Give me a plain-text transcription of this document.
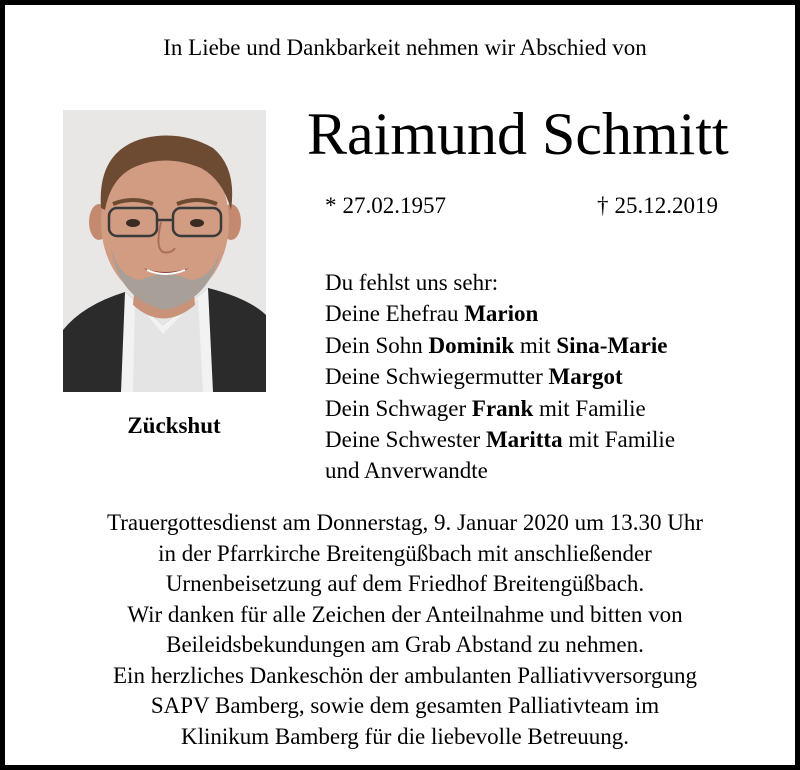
In Liebe und Dankbarkeit nehmen wir Abschied von
Zückshut
Raimund Schmitt
* 27.02.1957	† 25.12.2019
Du fehlst uns sehr:
Deine Ehefrau Marion
Dein Sohn Dominik mit Sina-Marie
Deine Schwiegermutter Margot
Dein Schwager Frank mit Familie
Deine Schwester Maritta mit Familie
und Anverwandte
Trauergottesdienst am Donnerstag, 9. Januar 2020 um 13.30 Uhr
in der Pfarrkirche Breitengüßbach mit anschließender
Urnenbeisetzung auf dem Friedhof Breitengüßbach.
Wir danken für alle Zeichen der Anteilnahme und bitten von
Beileidsbekundungen am Grab Abstand zu nehmen.
Ein herzliches Dankeschön der ambulanten Palliativversorgung
SAPV Bamberg, sowie dem gesamten Palliativteam im
Klinikum Bamberg für die liebevolle Betreuung.
